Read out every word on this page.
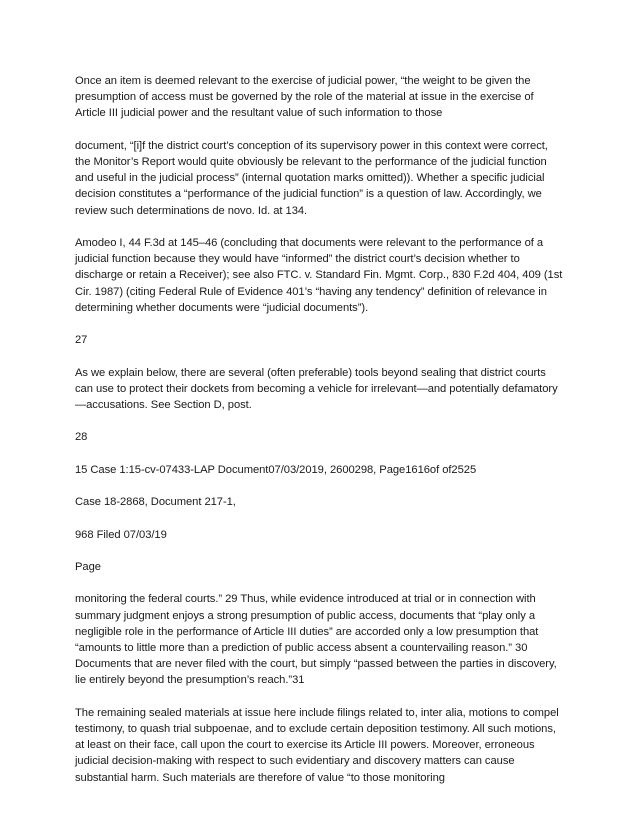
Once an item is deemed relevant to the exercise of judicial power, “the weight to be given the presumption of access must be governed by the role of the material at issue in the exercise of Article III judicial power and the resultant value of such information to those

document, “[i]f the district court’s conception of its supervisory power in this context were correct, the Monitor’s Report would quite obviously be relevant to the performance of the judicial function and useful in the judicial process” (internal quotation marks omitted)). Whether a specific judicial decision constitutes a “performance of the judicial function” is a question of law. Accordingly, we review such determinations de novo. Id. at 134.

Amodeo I, 44 F.3d at 145–46 (concluding that documents were relevant to the performance of a judicial function because they would have “informed” the district court’s decision whether to discharge or retain a Receiver); see also FTC. v. Standard Fin. Mgmt. Corp., 830 F.2d 404, 409 (1st Cir. 1987) (citing Federal Rule of Evidence 401’s “having any tendency” definition of relevance in determining whether documents were “judicial documents”).

27

As we explain below, there are several (often preferable) tools beyond sealing that district courts can use to protect their dockets from becoming a vehicle for irrelevant—and potentially defamatory—accusations. See Section D, post.

28

15 Case 1:15-cv-07433-LAP Document07/03/2019, 2600298, Page1616of of2525

Case 18-2868, Document 217-1,

968 Filed 07/03/19

Page

monitoring the federal courts.” 29 Thus, while evidence introduced at trial or in connection with summary judgment enjoys a strong presumption of public access, documents that “play only a negligible role in the performance of Article III duties” are accorded only a low presumption that “amounts to little more than a prediction of public access absent a countervailing reason.” 30 Documents that are never filed with the court, but simply “passed between the parties in discovery, lie entirely beyond the presumption’s reach.”31

The remaining sealed materials at issue here include filings related to, inter alia, motions to compel testimony, to quash trial subpoenae, and to exclude certain deposition testimony. All such motions, at least on their face, call upon the court to exercise its Article III powers. Moreover, erroneous judicial decision-making with respect to such evidentiary and discovery matters can cause substantial harm. Such materials are therefore of value “to those monitoring
